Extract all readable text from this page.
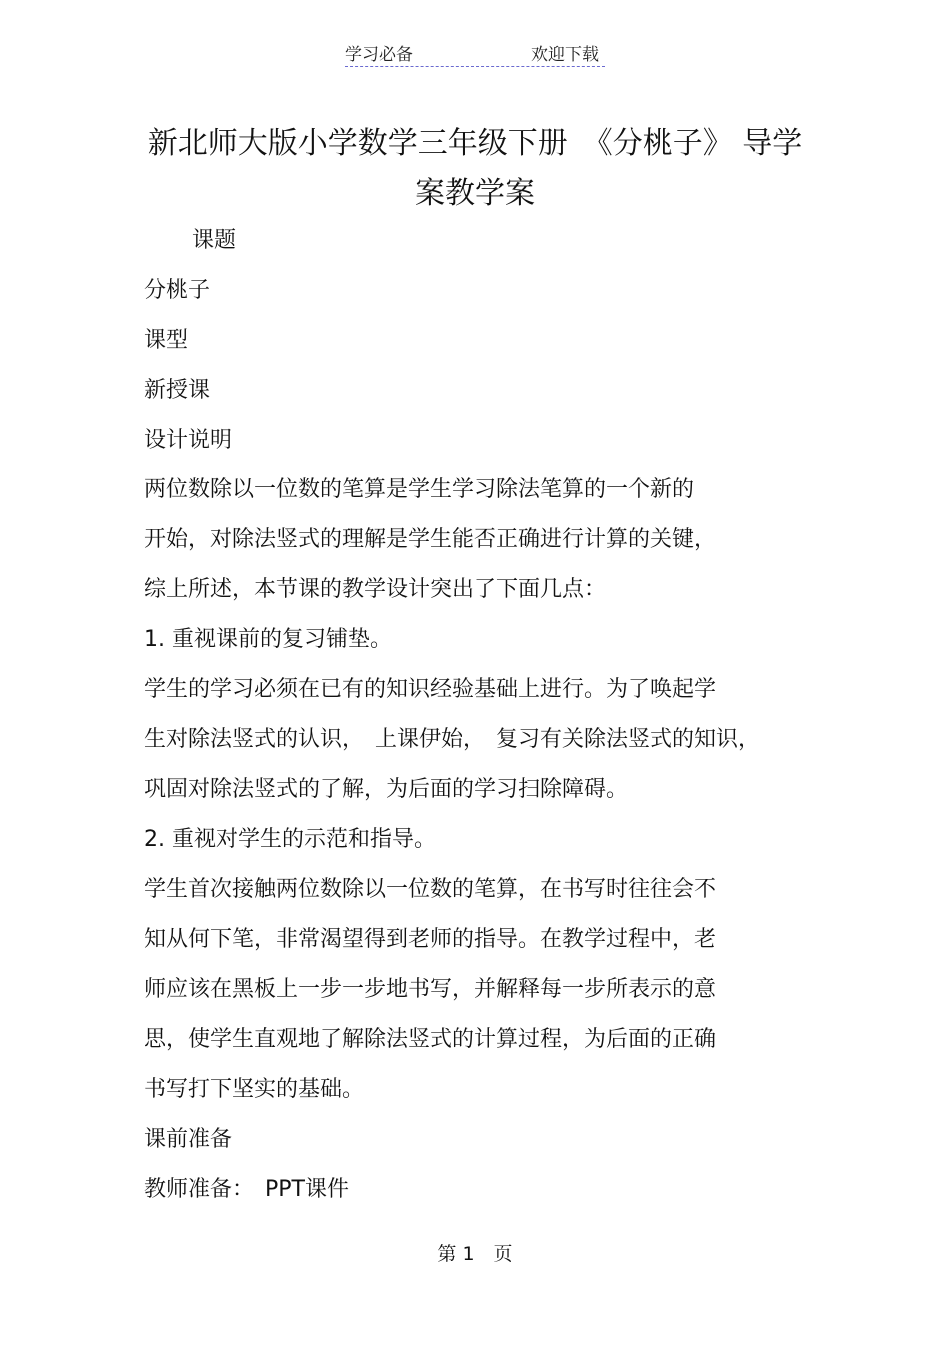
学习必备	欢迎下载
新北师大版小学数学三年级下册　《分桃子》 导学
案教学案
　课题
分桃子
课型
新授课
设计说明
两位数除以一位数的笔算是学生学习除法笔算的一个新的
开始，对除法竖式的理解是学生能否正确进行计算的关键，
综上所述，本节课的教学设计突出了下面几点：
1. 重视课前的复习铺垫。
学生的学习必须在已有的知识经验基础上进行。为了唤起学
生对除法竖式的认识，　上课伊始，　复习有关除法竖式的知识，
巩固对除法竖式的了解，为后面的学习扫除障碍。
2. 重视对学生的示范和指导。
学生首次接触两位数除以一位数的笔算，在书写时往往会不
知从何下笔，非常渴望得到老师的指导。在教学过程中，老
师应该在黑板上一步一步地书写，并解释每一步所表示的意
思，使学生直观地了解除法竖式的计算过程，为后面的正确
书写打下坚实的基础。
课前准备
教师准备：　PPT课件
第 1　页
